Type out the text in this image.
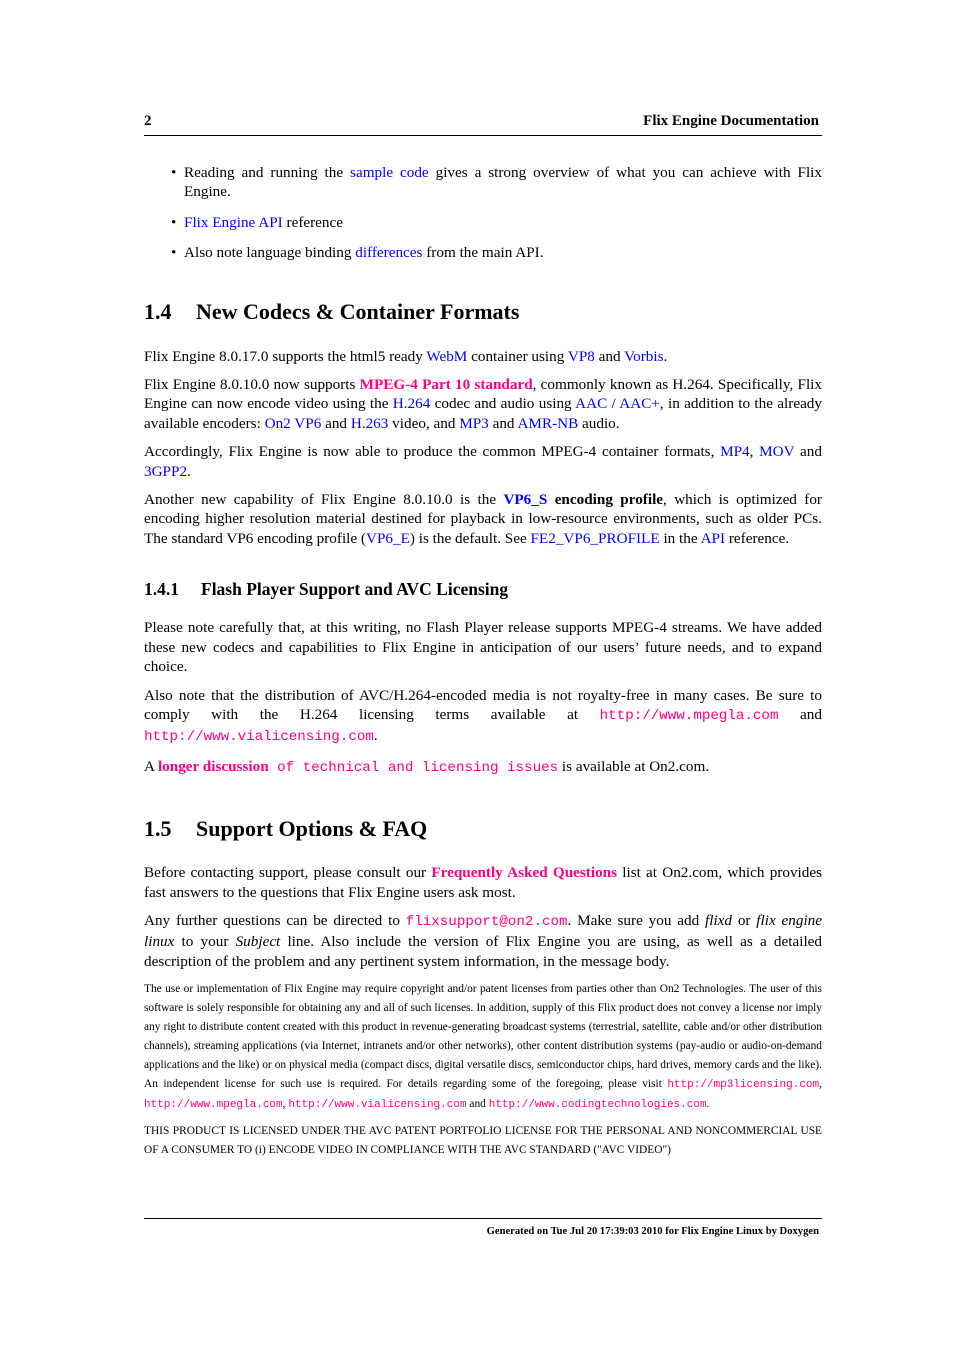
2	Flix Engine Documentation
• Reading and running the sample code gives a strong overview of what you can achieve with Flix Engine.
• Flix Engine API reference
• Also note language binding differences from the main API.
1.4 New Codecs & Container Formats

Flix Engine 8.0.17.0 supports the html5 ready WebM container using VP8 and Vorbis.

Flix Engine 8.0.10.0 now supports MPEG-4 Part 10 standard, commonly known as H.264. Specifically, Flix Engine can now encode video using the H.264 codec and audio using AAC / AAC+, in addition to the already available encoders: On2 VP6 and H.263 video, and MP3 and AMR-NB audio.

Accordingly, Flix Engine is now able to produce the common MPEG-4 container formats, MP4, MOV and 3GPP2.

Another new capability of Flix Engine 8.0.10.0 is the VP6_S encoding profile, which is optimized for encoding higher resolution material destined for playback in low-resource environments, such as older PCs. The standard VP6 encoding profile (VP6_E) is the default. See FE2_VP6_PROFILE in the API reference.

1.4.1 Flash Player Support and AVC Licensing

Please note carefully that, at this writing, no Flash Player release supports MPEG-4 streams. We have added these new codecs and capabilities to Flix Engine in anticipation of our users’ future needs, and to expand choice.

Also note that the distribution of AVC/H.264-encoded media is not royalty-free in many cases. Be sure to comply with the H.264 licensing terms available at http://www.mpegla.com and http://www.vialicensing.com.

A longer discussion of technical and licensing issues is available at On2.com.

1.5 Support Options & FAQ

Before contacting support, please consult our Frequently Asked Questions list at On2.com, which provides fast answers to the questions that Flix Engine users ask most.

Any further questions can be directed to flixsupport@on2.com. Make sure you add flixd or flix engine linux to your Subject line. Also include the version of Flix Engine you are using, as well as a detailed description of the problem and any pertinent system information, in the message body.

The use or implementation of Flix Engine may require copyright and/or patent licenses from parties other than On2 Technologies. The user of this software is solely responsible for obtaining any and all of such licenses. In addition, supply of this Flix product does not convey a license nor imply any right to distribute content created with this product in revenue-generating broadcast systems (terrestrial, satellite, cable and/or other distribution channels), streaming applications (via Internet, intranets and/or other networks), other content distribution systems (pay-audio or audio-on-demand applications and the like) or on physical media (compact discs, digital versatile discs, semiconductor chips, hard drives, memory cards and the like). An independent license for such use is required. For details regarding some of the foregoing, please visit http://mp3licensing.com, http://www.mpegla.com, http://www.vialicensing.com and http://www.codingtechnologies.com.

THIS PRODUCT IS LICENSED UNDER THE AVC PATENT PORTFOLIO LICENSE FOR THE PERSONAL AND NONCOMMERCIAL USE OF A CONSUMER TO (i) ENCODE VIDEO IN COMPLIANCE WITH THE AVC STANDARD ("AVC VIDEO")

Generated on Tue Jul 20 17:39:03 2010 for Flix Engine Linux by Doxygen
